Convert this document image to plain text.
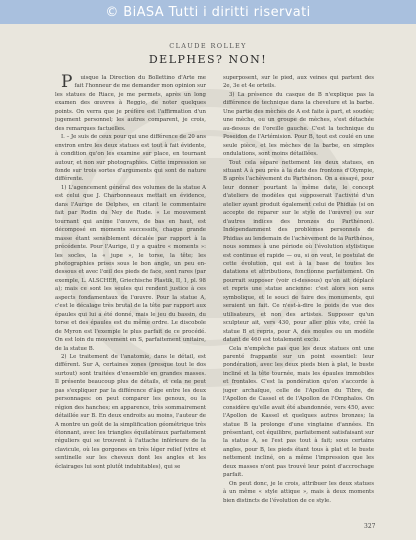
© BiASA Tutti i diritti riservati
CLAUDE ROLLEY
DELPHES? NON!

P	uisque la Direction du Bollettino d'Arte me fait l'honneur de me demander mon opinion sur les statues de Riace, je me permets, après un long examen des œuvres à Reggio, de noter quelques points. On verra que je préfère est l'affirmation d'un jugement personnel; les autres comparent, je crois, des remarques factuelles.

I. – Je suis de ceux pour qui une différence de 20 ans environ entre les deux statues est tout à fait évidente, à condition qu'on les examine sur place, en tournant autour, et non sur photographies. Cette impression se fonde sur trois sortes d'arguments qui sont de nature différente.

1) L'agencement général des volumes de la statue A est celui que J. Charbonneaux mettait en évidence, dans l'Aurige de Delphes, en citant le commentaire fait par Rodin du Ney de Rude. « Le mouvement tournant qui anime l'œuvre, de bas en haut, est décomposé en moments successifs, chaque grande masse étant sensiblement décalée par rapport à la précédente. Pour l'Aurige, il y a quatre « moments »: les socles, la « jupe », le torse, la tête; les photographies prises sous le bon angle, un peu en-dessous et avec l'œil des pieds de face, sont rares (par exemple, L. ALSCHER, Griechische Plastik, II, 1, pl. 98 a); mais ce sont les seules qui rendent justice à ces aspects fondamentaux de l'œuvre. Pour la statue A, c'est le décalage très brutal de la tête par rapport aux épaules qui lui a été donné, mais le jeu du bassin, du torse et des épaules est du même ordre. Le discobole de Myron est l'exemple le plus parfait de ce procédé. On est loin du mouvement en S, parfaitement unitaire, de la statue B.

2) Le traitement de l'anatomie, dans le détail, est différent. Sur A, certaines zones (presque tout le dos surtout) sont traitées d'ensemble en grandes masses. Il présente beaucoup plus de détails, et cela ne peut pas s'expliquer par la différence d'âge entre les deux personnages: on peut comparer les genoux, ou la région des hanches; en apparence, très sommairement détaillée sur B. En deux endroits au moins, l'auteur de A montre un goût de la simplification géométrique très étonnant, avec les triangles équilatéraux parfaitement réguliers qui se trouvent à l'attache inférieure de la clavicule, où les gorgones en très léger relief (vitre et sentinelle sur les cheveux dont les angles et les éclairages lui sont plutôt indubitables), qui se

superposent, sur le pied, aux veines qui partent des 2e, 3e et 4e orteils.

3) La présence du casque de B n'explique pas la différence de technique dans la chevelure et la barbe. Une partie des mèches de A est faite à part, et soudée; une mèche, ou un groupe de mèches, s'est détachée au-dessus de l'oreille gauche. C'est la technique du Poseidon de l'Artémision. Pour B, tout est coulé en une seule pièce, et les mèches de la barbe, en simples ondulations, sont moins détaillées.

Tout cela sépare nettement les deux statues, en situant A à peu près à la date des frontons d'Olympie, B après l'achèvement du Parthénon. On a essayé, pour leur donner pourtant la même date, le concept d'ateliers de modèles qui supposerait l'activité d'un atelier ayant produit également celui de Phidias (si on accepte de reparer sur le style de l'œuvre) ou sur d'autres indices des bronzes du Parthénon). Indépendamment des problèmes personnels de Phidias au lendemain de l'achèvement de la Parthénos, nous sommes à une période où l'évolution stylistique est continue et rapide — ou, si on veut, le postulat de cette évolution, qui est à la base de toutes les datations et attributions, fonctionne parfaitement. On pourrait supposer (voir ci-dessous) qu'on ait déplacé et repris une statue ancienne: c'est alors son sens symbolique, et le souci de faire des monuments, qui seraient un fait. Ce n'est-à-dire le poids de vue des utilisateurs, et non des artistes. Supposer qu'un sculpteur ait, vers 430, pour aller plus vite, créé la statue B et repris, pour A, des moules ou un modèle datant de 460 est totalement exclu.

Cela n'empêche pas que les deux statues ont une parenté frappante sur un point essentiel: leur pondération, avec les deux pieds bien à plat, le buste incliné et la tête tournée, mais les épaules immobiles et frontales. C'est la pondération qu'on s'accorde à juger archaïque, celle de l'Apollon du Tibre, de l'Apollon de Cassel et de l'Apollon de l'Omphalos. On considère qu'elle avait été abandonnée, vers 450, avec l'Apollon de Kassel et quelques autres bronzes; la statue B la prolonge d'une vingtaine d'années. En présentant, cet équilibre, parfaitement satisfaisant sur la statue A, se l'est pas tout à fait; sous certains angles, pour B, les pieds étant tous à plat et le buste nettement incliné, on a même l'impression que les deux masses n'ont pas trouvé leur point d'accrochage parfait.

On peut donc, je le crois, attribuer les deux statues à un même « style attique », mais à deux moments bien distincts de l'évolution de ce style.

327
